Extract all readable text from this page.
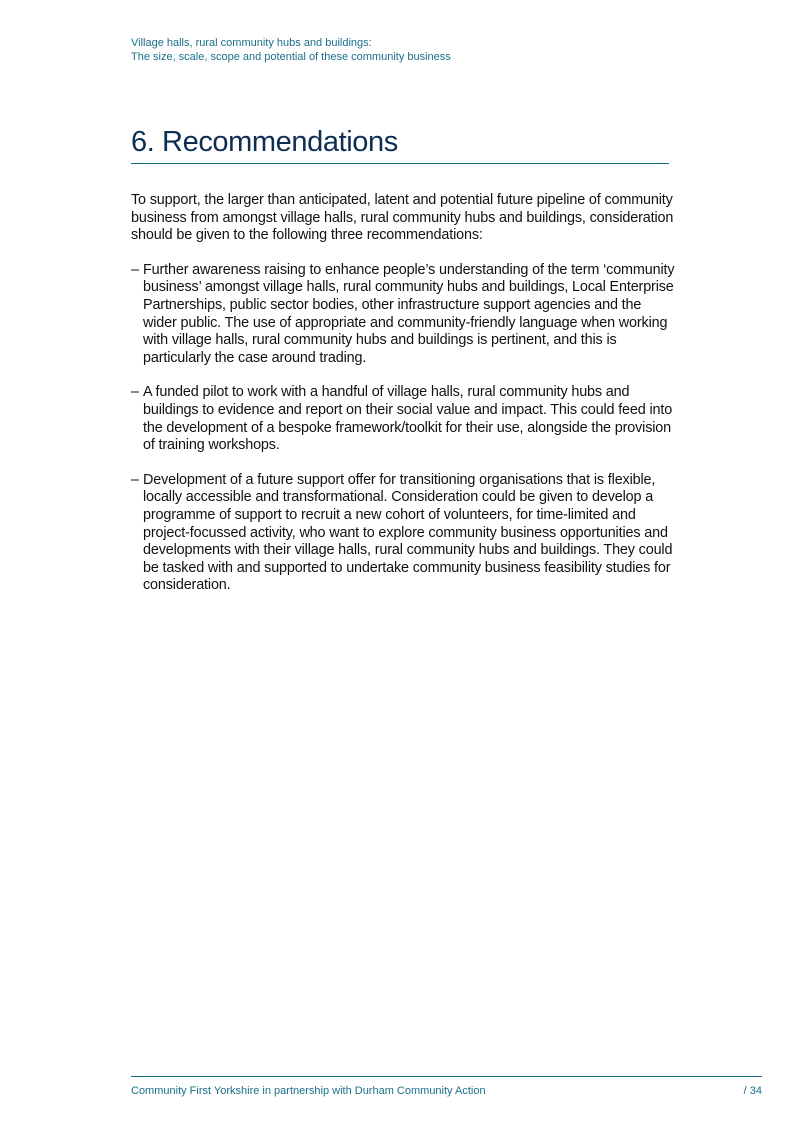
Village halls, rural community hubs and buildings:
The size, scale, scope and potential of these community business
6. Recommendations

To support, the larger than anticipated, latent and potential future pipeline of community business from amongst village halls, rural community hubs and buildings, consideration should be given to the following three recommendations:

– Further awareness raising to enhance people’s understanding of the term ‘community business’ amongst village halls, rural community hubs and buildings, Local Enterprise Partnerships, public sector bodies, other infrastructure support agencies and the wider public. The use of appropriate and community-friendly language when working with village halls, rural community hubs and buildings is pertinent, and this is particularly the case around trading.
– A funded pilot to work with a handful of village halls, rural community hubs and buildings to evidence and report on their social value and impact. This could feed into the development of a bespoke framework/toolkit for their use, alongside the provision of training workshops.
– Development of a future support offer for transitioning organisations that is flexible, locally accessible and transformational. Consideration could be given to develop a programme of support to recruit a new cohort of volunteers, for time-limited and project-focussed activity, who want to explore community business opportunities and developments with their village halls, rural community hubs and buildings. They could be tasked with and supported to undertake community business feasibility studies for consideration.
Community First Yorkshire in partnership with Durham Community Action	/ 34
